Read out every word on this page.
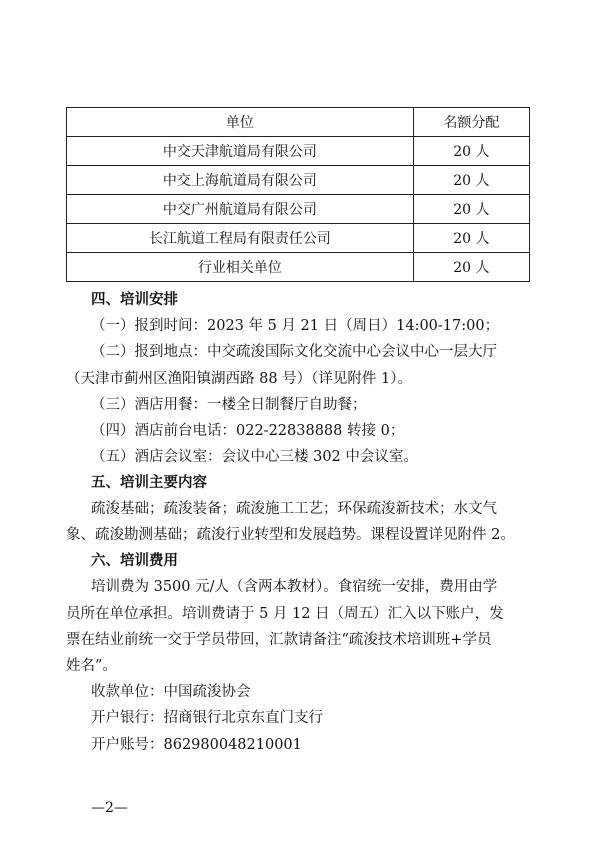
单位	名额分配
中交天津航道局有限公司	20 人
中交上海航道局有限公司	20 人
中交广州航道局有限公司	20 人
长江航道工程局有限责任公司	20 人
行业相关单位	20 人
四、培训安排
（一）报到时间：2023 年 5 月 21 日（周日）14:00-17:00；
（二）报到地点：中交疏浚国际文化交流中心会议中心一层大厅
（天津市蓟州区渔阳镇湖西路 88 号）（详见附件 1）。
（三）酒店用餐：一楼全日制餐厅自助餐；
（四）酒店前台电话：022-22838888 转接 0；
（五）酒店会议室：会议中心三楼 302 中会议室。
五、培训主要内容
疏浚基础；疏浚装备；疏浚施工工艺；环保疏浚新技术；水文气
象、疏浚勘测基础；疏浚行业转型和发展趋势。课程设置详见附件 2。
六、培训费用
培训费为 3500 元/人（含两本教材）。食宿统一安排，费用由学
员所在单位承担。培训费请于 5 月 12 日（周五）汇入以下账户，发
票在结业前统一交于学员带回，汇款请备注“疏浚技术培训班+学员
姓名”。
收款单位：中国疏浚协会
开户银行：招商银行北京东直门支行
开户账号：862980048210001
—2—
